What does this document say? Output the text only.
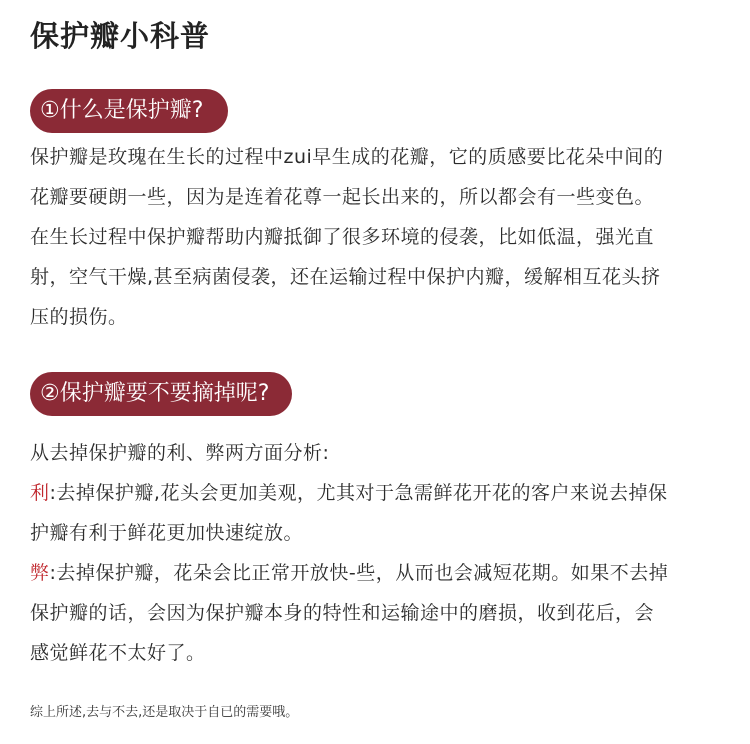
保护瓣小科普
①什么是保护瓣?
保护瓣是玫瑰在生长的过程中zui早生成的花瓣，它的质感要比花朵中间的
花瓣要硬朗一些，因为是连着花尊一起长出来的，所以都会有一些变色。
在生长过程中保护瓣帮助内瓣抵御了很多环境的侵袭，比如低温，强光直
射，空气干燥,甚至病菌侵袭，还在运输过程中保护内瓣，缓解相互花头挤
压的损伤。
②保护瓣要不要摘掉呢?
从去掉保护瓣的利、弊两方面分析:
利:去掉保护瓣,花头会更加美观，尤其对于急需鲜花开花的客户来说去掉保
护瓣有利于鲜花更加快速绽放。
弊:去掉保护瓣，花朵会比正常开放快-些，从而也会减短花期。如果不去掉
保护瓣的话，会因为保护瓣本身的特性和运输途中的磨损，收到花后，会
感觉鲜花不太好了。
综上所述,去与不去,还是取决于自已的需要哦。
